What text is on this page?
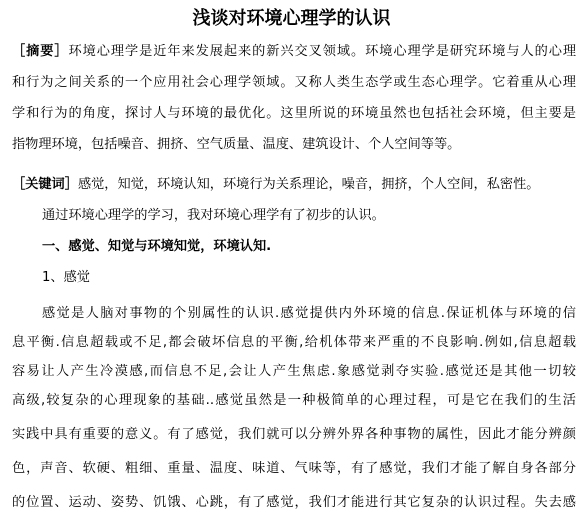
浅谈对环境心理学的认识
［摘要］环境心理学是近年来发展起来的新兴交叉领域。环境心理学是研究环境与人的心理
和行为之间关系的一个应用社会心理学领域。又称人类生态学或生态心理学。它着重从心理
学和行为的角度，探讨人与环境的最优化。这里所说的环境虽然也包括社会环境，但主要是
指物理环境，包括噪音、拥挤、空气质量、温度、建筑设计、个人空间等等。
［关键词］感觉，知觉，环境认知，环境行为关系理论，噪音，拥挤，个人空间，私密性。
通过环境心理学的学习，我对环境心理学有了初步的认识。
一、感觉、知觉与环境知觉，环境认知.
1、感觉
感觉是人脑对事物的个别属性的认识.感觉提供内外环境的信息.保证机体与环境的信
息平衡.信息超载或不足,都会破坏信息的平衡,给机体带来严重的不良影响.例如,信息超载
容易让人产生冷漠感,而信息不足,会让人产生焦虑.象感觉剥夺实验.感觉还是其他一切较
高级,较复杂的心理现象的基础..感觉虽然是一种极简单的心理过程，可是它在我们的生活
实践中具有重要的意义。有了感觉，我们就可以分辨外界各种事物的属性，因此才能分辨颜
色，声音、软硬、粗细、重量、温度、味道、气味等，有了感觉，我们才能了解自身各部分
的位置、运动、姿势、饥饿、心跳，有了感觉，我们才能进行其它复杂的认识过程。失去感
